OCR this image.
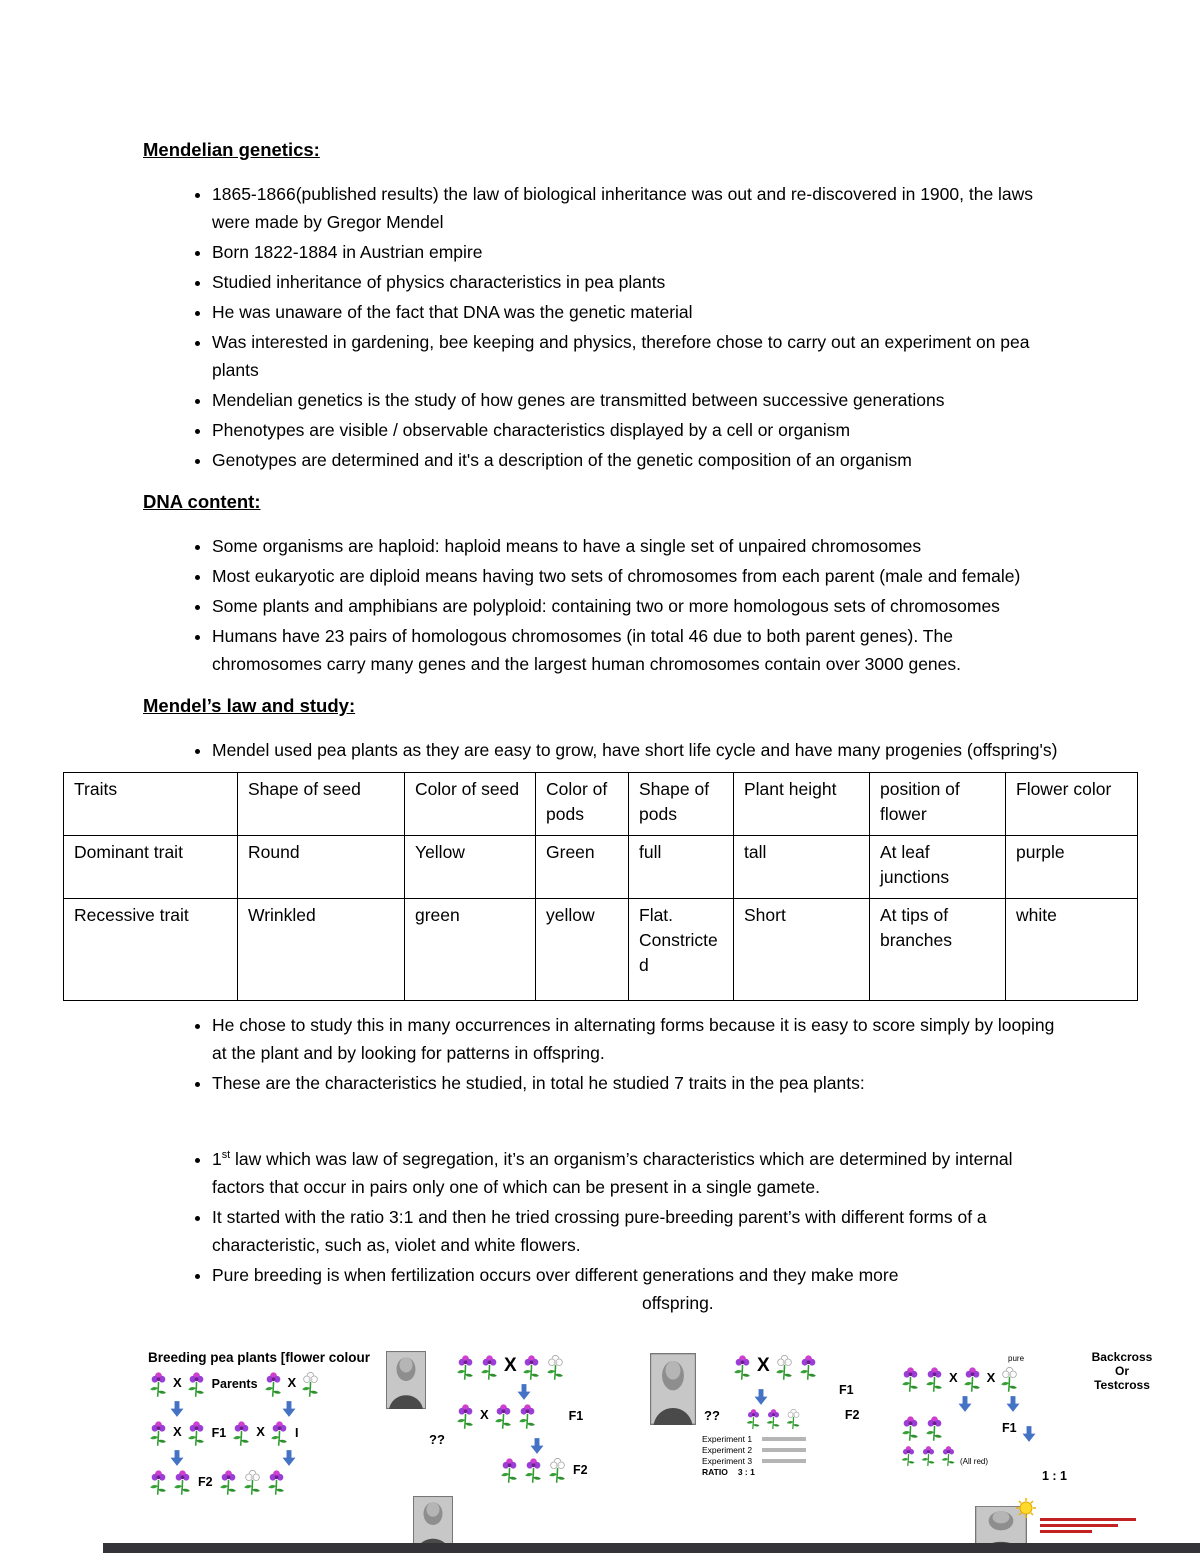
Mendelian genetics:
• 1865-1866(published results) the law of biological inheritance was out and re-discovered in 1900, the laws were made by Gregor Mendel
• Born 1822-1884 in Austrian empire
• Studied inheritance of physics characteristics in pea plants
• He was unaware of the fact that DNA was the genetic material
• Was interested in gardening, bee keeping and physics, therefore chose to carry out an experiment on pea plants
• Mendelian genetics is the study of how genes are transmitted between successive generations
• Phenotypes are visible / observable characteristics displayed by a cell or organism
• Genotypes are determined and it's a description of the genetic composition of an organism
DNA content:
• Some organisms are haploid: haploid means to have a single set of unpaired chromosomes
• Most eukaryotic are diploid means having two sets of chromosomes from each parent (male and female)
• Some plants and amphibians are polyploid: containing two or more homologous sets of chromosomes
• Humans have 23 pairs of homologous chromosomes (in total 46 due to both parent genes). The chromosomes carry many genes and the largest human chromosomes contain over 3000 genes.
Mendel’s law and study:
• Mendel used pea plants as they are easy to grow, have short life cycle and have many progenies (offspring's)
Traits	Shape of seed	Color of seed	Color of pods	Shape of pods	Plant height	position of flower	Flower color
Dominant trait	Round	Yellow	Green	full	tall	At leaf junctions	purple
Recessive trait	Wrinkled	green	yellow	Flat. Constricted	Short	At tips of branches	white
• He chose to study this in many occurrences in alternating forms because it is easy to score simply by looping at the plant and by looking for patterns in offspring.
• These are the characteristics he studied, in total he studied 7 traits in the pea plants:
• 1st law which was law of segregation, it’s an organism’s characteristics which are determined by internal factors that occur in pairs only one of which can be present in a single gamete.
• It started with the ratio 3:1 and then he tried crossing pure-breeding parent’s with different forms of a characteristic, such as, violet and white flowers.
• Pure breeding is when fertilization occurs over different generations and they make more
offspring.
Breeding pea plants [flower colour
X Parents X
X F1 X I
F2
X
X	F1
??
F2
X
F1
??	F2
Experiment 1
Experiment 2
Experiment 3
RATIO 3 : 1
pure	Backcross
Or
Testcross
X X
F1
(All red)
1 : 1
